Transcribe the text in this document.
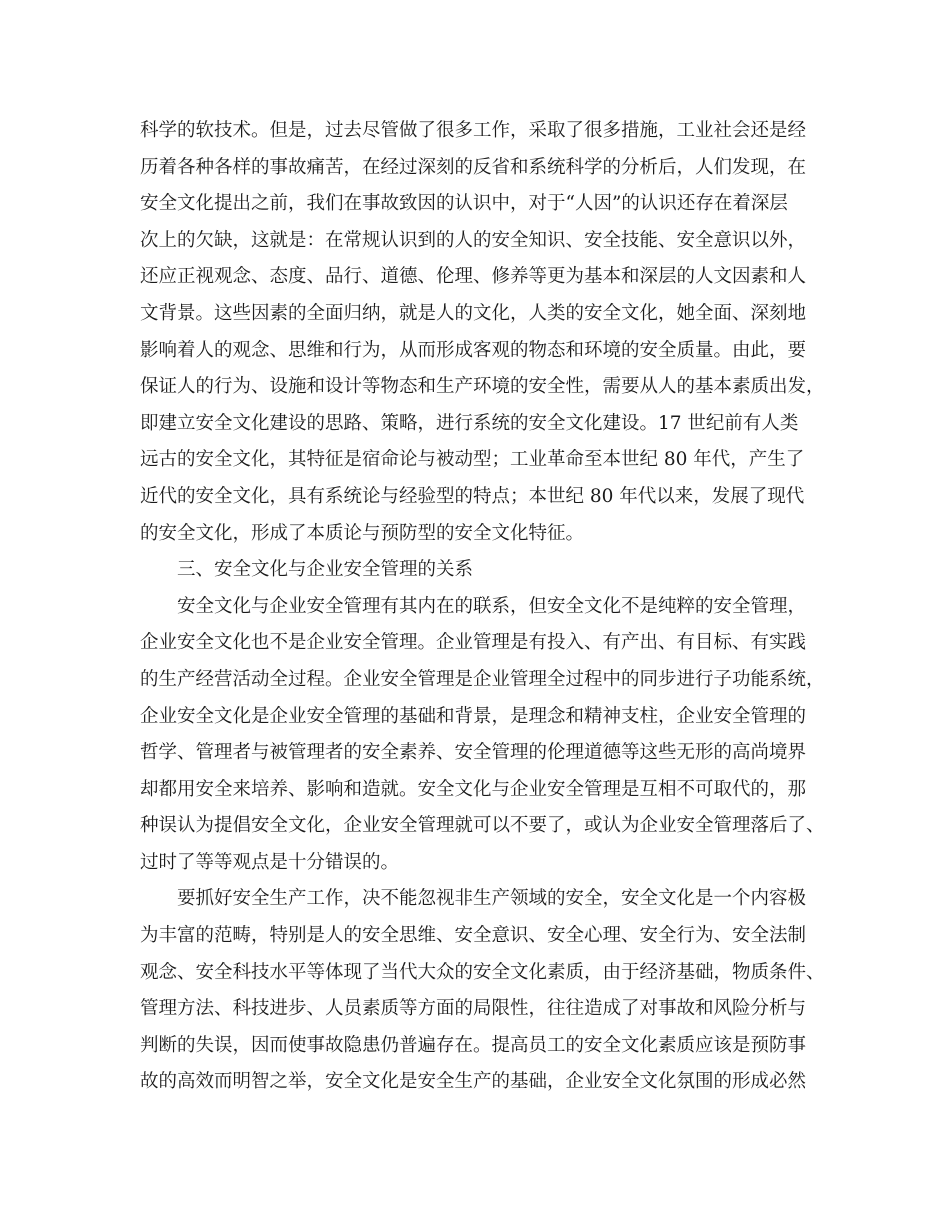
科学的软技术。但是，过去尽管做了很多工作，采取了很多措施，工业社会还是经
历着各种各样的事故痛苦，在经过深刻的反省和系统科学的分析后，人们发现，在
安全文化提出之前，我们在事故致因的认识中，对于“人因”的认识还存在着深层
次上的欠缺，这就是：在常规认识到的人的安全知识、安全技能、安全意识以外，
还应正视观念、态度、品行、道德、伦理、修养等更为基本和深层的人文因素和人
文背景。这些因素的全面归纳，就是人的文化，人类的安全文化，她全面、深刻地
影响着人的观念、思维和行为，从而形成客观的物态和环境的安全质量。由此，要
保证人的行为、设施和设计等物态和生产环境的安全性，需要从人的基本素质出发，
即建立安全文化建设的思路、策略，进行系统的安全文化建设。17 世纪前有人类
远古的安全文化，其特征是宿命论与被动型；工业革命至本世纪 80 年代，产生了
近代的安全文化，具有系统论与经验型的特点；本世纪 80 年代以来，发展了现代
的安全文化，形成了本质论与预防型的安全文化特征。
三、安全文化与企业安全管理的关系
安全文化与企业安全管理有其内在的联系，但安全文化不是纯粹的安全管理，
企业安全文化也不是企业安全管理。企业管理是有投入、有产出、有目标、有实践
的生产经营活动全过程。企业安全管理是企业管理全过程中的同步进行子功能系统，
企业安全文化是企业安全管理的基础和背景，是理念和精神支柱，企业安全管理的
哲学、管理者与被管理者的安全素养、安全管理的伦理道德等这些无形的高尚境界
却都用安全来培养、影响和造就。安全文化与企业安全管理是互相不可取代的，那
种误认为提倡安全文化，企业安全管理就可以不要了，或认为企业安全管理落后了、
过时了等等观点是十分错误的。
要抓好安全生产工作，决不能忽视非生产领域的安全，安全文化是一个内容极
为丰富的范畴，特别是人的安全思维、安全意识、安全心理、安全行为、安全法制
观念、安全科技水平等体现了当代大众的安全文化素质，由于经济基础，物质条件、
管理方法、科技进步、人员素质等方面的局限性，往往造成了对事故和风险分析与
判断的失误，因而使事故隐患仍普遍存在。提高员工的安全文化素质应该是预防事
故的高效而明智之举，安全文化是安全生产的基础，企业安全文化氛围的形成必然
